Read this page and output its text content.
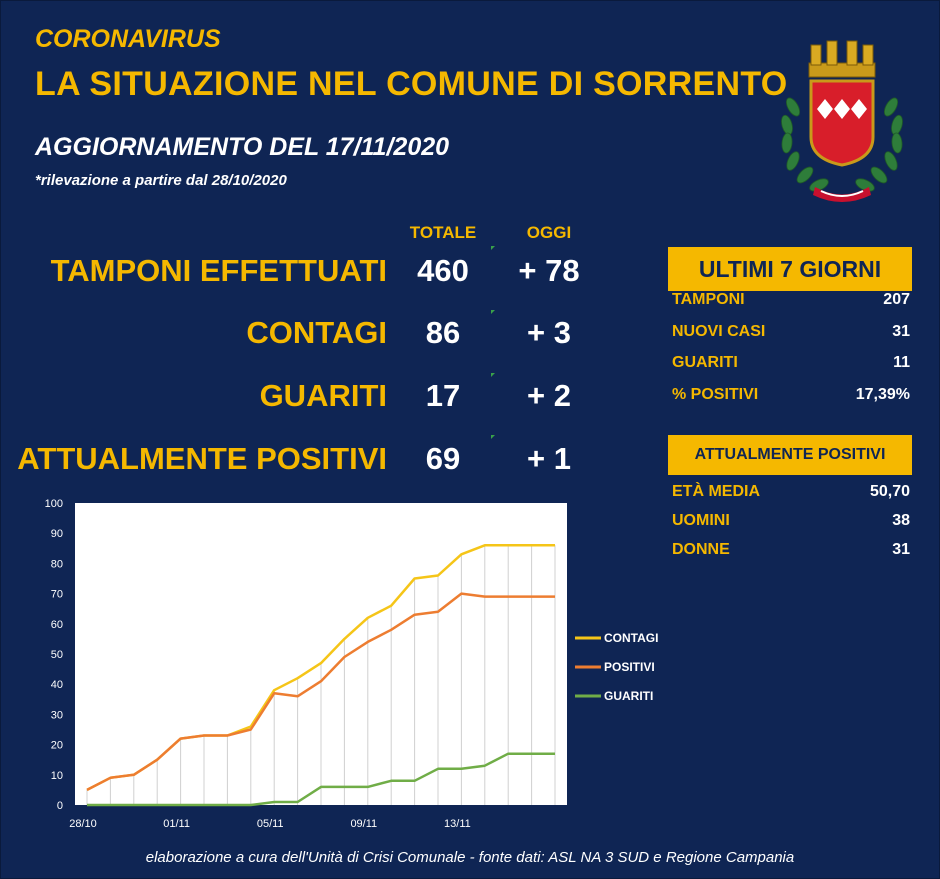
CORONAVIRUS
LA SITUAZIONE NEL COMUNE DI SORRENTO
AGGIORNAMENTO DEL 17/11/2020
*rilevazione a partire dal 28/10/2020
TOTALE	OGGI
TAMPONI EFFETTUATI 460	+ 78
CONTAGI	86	+ 3
GUARITI	17	+ 2
ATTUALMENTE POSITIVI	69	+ 1
ULTIMI 7 GIORNI
TAMPONI	207
NUOVI CASI	31
GUARITI	11
% POSITIVI	17,39%
ATTUALMENTE POSITIVI
ETÀ MEDIA	50,70
UOMINI	38
DONNE	31
0
10
20
30
40
50
60
70
80
90
100
28/10	01/11	05/11	09/11	13/11
CONTAGI
POSITIVI
GUARITI
elaborazione a cura dell'Unità di Crisi Comunale - fonte dati: ASL NA 3 SUD e Regione Campania
